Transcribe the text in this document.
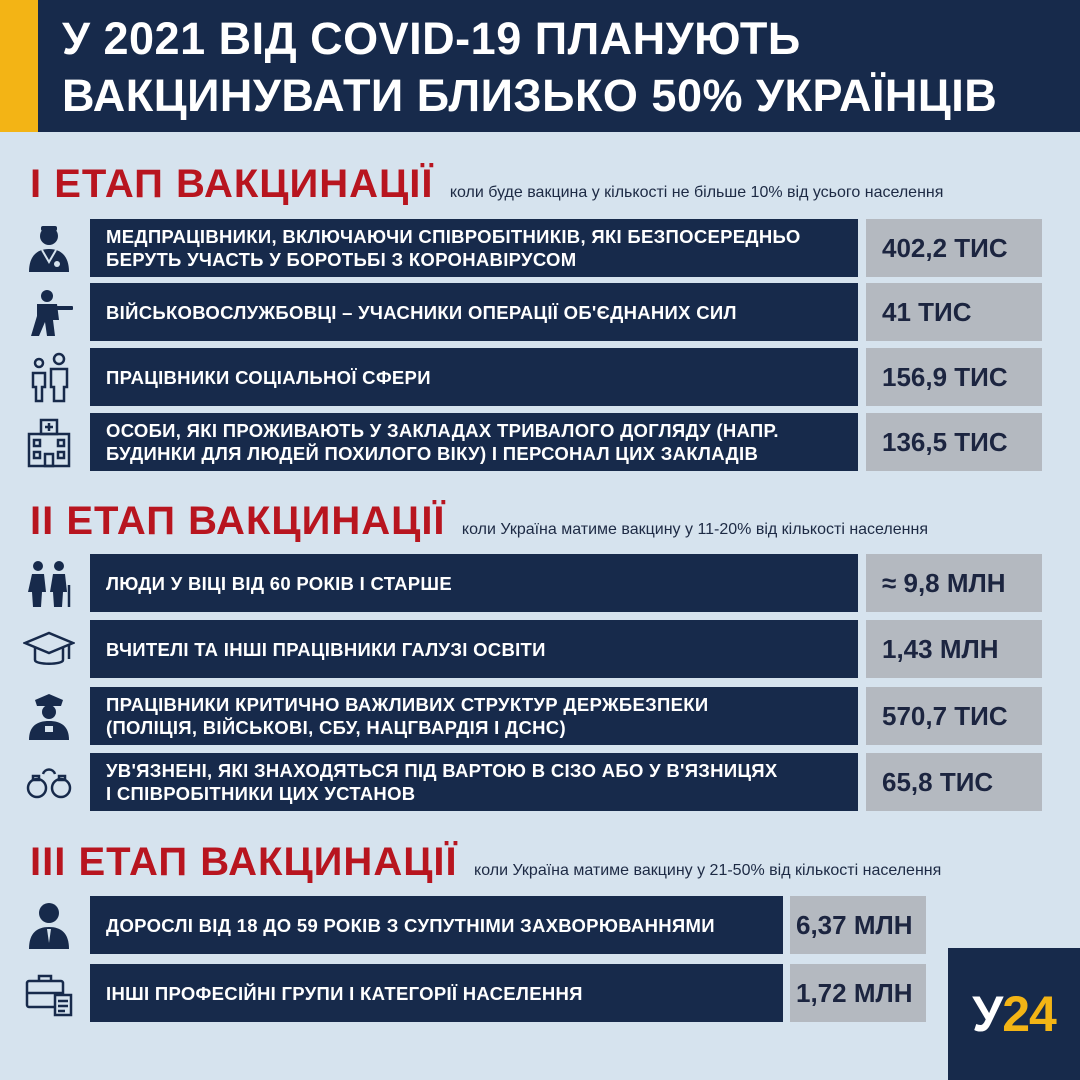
У 2021 ВІД COVID-19 ПЛАНУЮТЬ
ВАКЦИНУВАТИ БЛИЗЬКО 50% УКРАЇНЦІВ
І ЕТАП ВАКЦИНАЦІЇ коли буде вакцина у кількості не більше 10% від усього населення
МЕДПРАЦІВНИКИ, ВКЛЮЧАЮЧИ СПІВРОБІТНИКІВ, ЯКІ БЕЗПОСЕРЕДНЬО
БЕРУТЬ УЧАСТЬ У БОРОТЬБІ З КОРОНАВІРУСОМ	402,2 ТИС
ВІЙСЬКОВОСЛУЖБОВЦІ – УЧАСНИКИ ОПЕРАЦІЇ ОБ'ЄДНАНИХ СИЛ	41 ТИС
ПРАЦІВНИКИ СОЦІАЛЬНОЇ СФЕРИ	156,9 ТИС
ОСОБИ, ЯКІ ПРОЖИВАЮТЬ У ЗАКЛАДАХ ТРИВАЛОГО ДОГЛЯДУ (НАПР.
БУДИНКИ ДЛЯ ЛЮДЕЙ ПОХИЛОГО ВІКУ) І ПЕРСОНАЛ ЦИХ ЗАКЛАДІВ	136,5 ТИС
ІІ ЕТАП ВАКЦИНАЦІЇ коли Україна матиме вакцину у 11-20% від кількості населення
ЛЮДИ У ВІЦІ ВІД 60 РОКІВ І СТАРШЕ	≈ 9,8 МЛН
ВЧИТЕЛІ ТА ІНШІ ПРАЦІВНИКИ ГАЛУЗІ ОСВІТИ	1,43 МЛН
ПРАЦІВНИКИ КРИТИЧНО ВАЖЛИВИХ СТРУКТУР ДЕРЖБЕЗПЕКИ
(ПОЛІЦІЯ, ВІЙСЬКОВІ, СБУ, НАЦГВАРДІЯ І ДСНС)	570,7 ТИС
УВ'ЯЗНЕНІ, ЯКІ ЗНАХОДЯТЬСЯ ПІД ВАРТОЮ В СІЗО АБО У В'ЯЗНИЦЯХ
І СПІВРОБІТНИКИ ЦИХ УСТАНОВ	65,8 ТИС
ІІІ ЕТАП ВАКЦИНАЦІЇ коли Україна матиме вакцину у 21-50% від кількості населення
ДОРОСЛІ ВІД 18 ДО 59 РОКІВ З СУПУТНІМИ ЗАХВОРЮВАННЯМИ	6,37 МЛН
ІНШІ ПРОФЕСІЙНІ ГРУПИ І КАТЕГОРІЇ НАСЕЛЕННЯ	1,72 МЛН У 24
